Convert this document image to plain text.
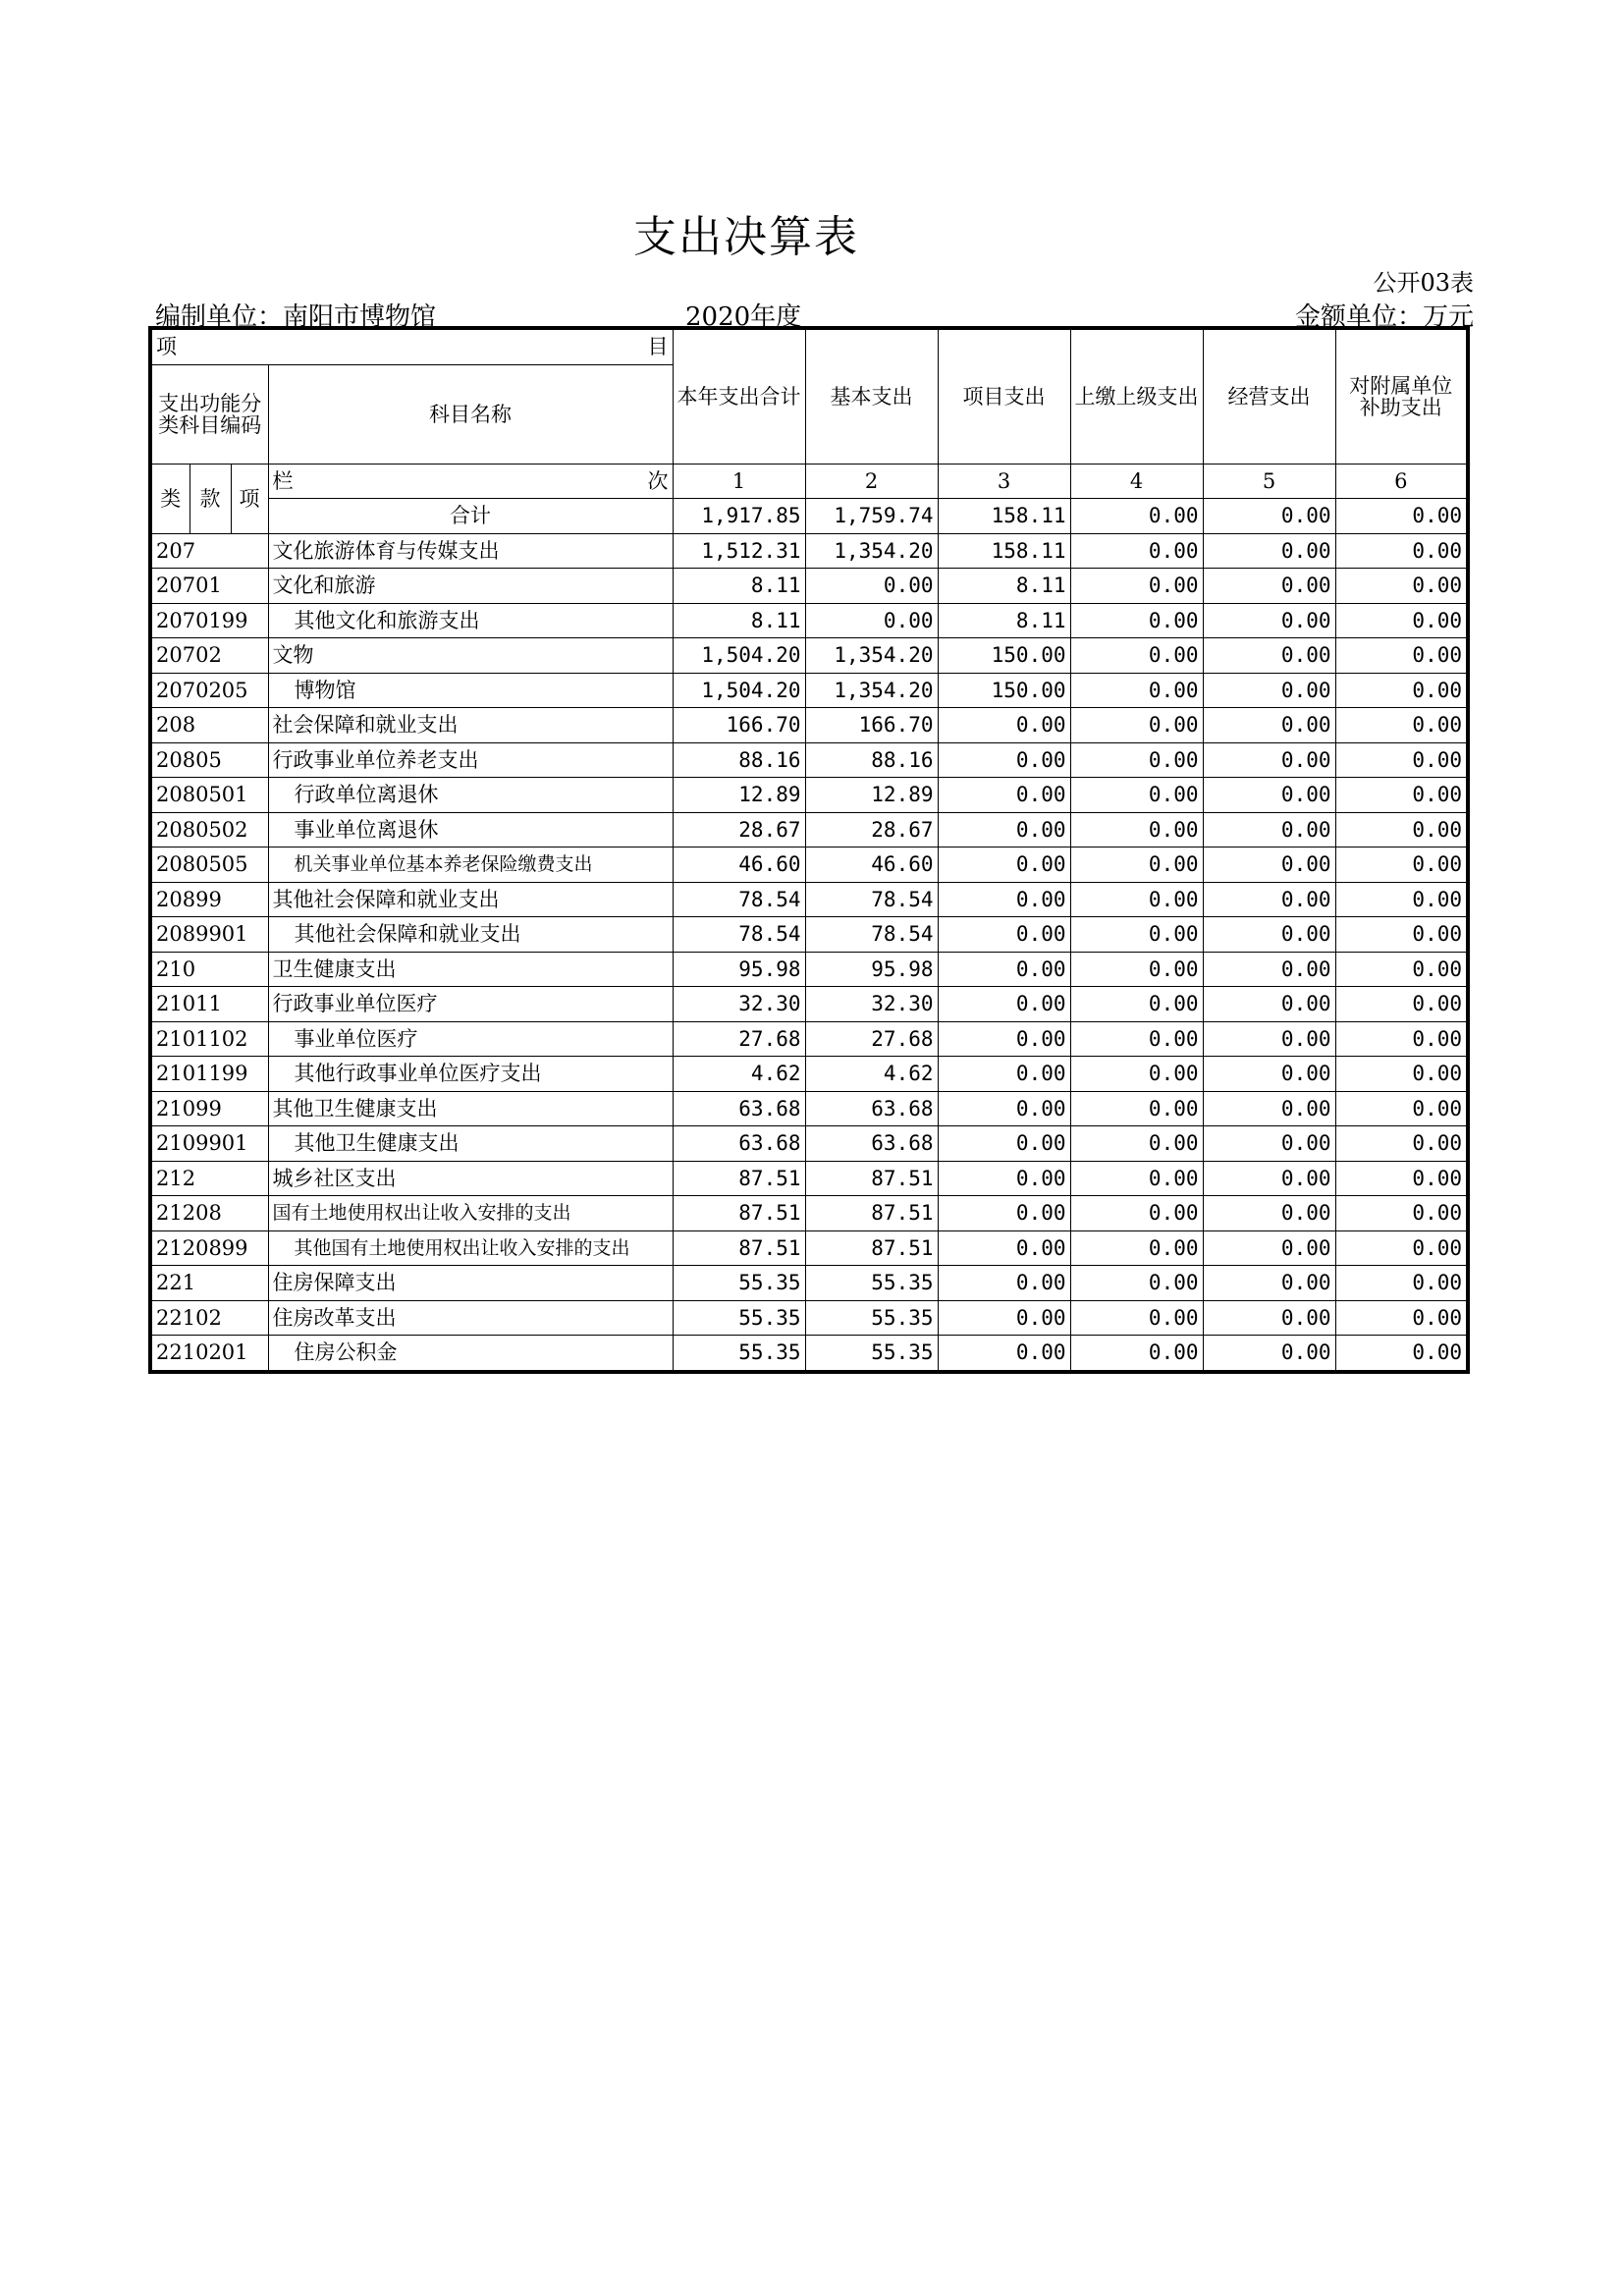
支出决算表
公开03表
编制单位：南阳市博物馆	2020年度	金额单位：万元
项 目				本年支出合计	基本支出	项目支出	上缴上级支出	经营支出	对附属单位补助支出
支出功能分类科目编码			科目名称						
类	款	项	栏 次	1	2	3	4	5	6
			合计	1,917.85	1,759.74	158.11	0.00	0.00	0.00
207			文化旅游体育与传媒支出	1,512.31	1,354.20	158.11	0.00	0.00	0.00
20701			文化和旅游	8.11	0.00	8.11	0.00	0.00	0.00
2070199			其他文化和旅游支出	8.11	0.00	8.11	0.00	0.00	0.00
20702			文物	1,504.20	1,354.20	150.00	0.00	0.00	0.00
2070205			博物馆	1,504.20	1,354.20	150.00	0.00	0.00	0.00
208			社会保障和就业支出	166.70	166.70	0.00	0.00	0.00	0.00
20805			行政事业单位养老支出	88.16	88.16	0.00	0.00	0.00	0.00
2080501			行政单位离退休	12.89	12.89	0.00	0.00	0.00	0.00
2080502			事业单位离退休	28.67	28.67	0.00	0.00	0.00	0.00
2080505			机关事业单位基本养老保险缴费支出	46.60	46.60	0.00	0.00	0.00	0.00
20899			其他社会保障和就业支出	78.54	78.54	0.00	0.00	0.00	0.00
2089901			其他社会保障和就业支出	78.54	78.54	0.00	0.00	0.00	0.00
210			卫生健康支出	95.98	95.98	0.00	0.00	0.00	0.00
21011			行政事业单位医疗	32.30	32.30	0.00	0.00	0.00	0.00
2101102			事业单位医疗	27.68	27.68	0.00	0.00	0.00	0.00
2101199			其他行政事业单位医疗支出	4.62	4.62	0.00	0.00	0.00	0.00
21099			其他卫生健康支出	63.68	63.68	0.00	0.00	0.00	0.00
2109901			其他卫生健康支出	63.68	63.68	0.00	0.00	0.00	0.00
212			城乡社区支出	87.51	87.51	0.00	0.00	0.00	0.00
21208			国有土地使用权出让收入安排的支出	87.51	87.51	0.00	0.00	0.00	0.00
2120899			其他国有土地使用权出让收入安排的支出	87.51	87.51	0.00	0.00	0.00	0.00
221			住房保障支出	55.35	55.35	0.00	0.00	0.00	0.00
22102			住房改革支出	55.35	55.35	0.00	0.00	0.00	0.00
2210201			住房公积金	55.35	55.35	0.00	0.00	0.00	0.00
